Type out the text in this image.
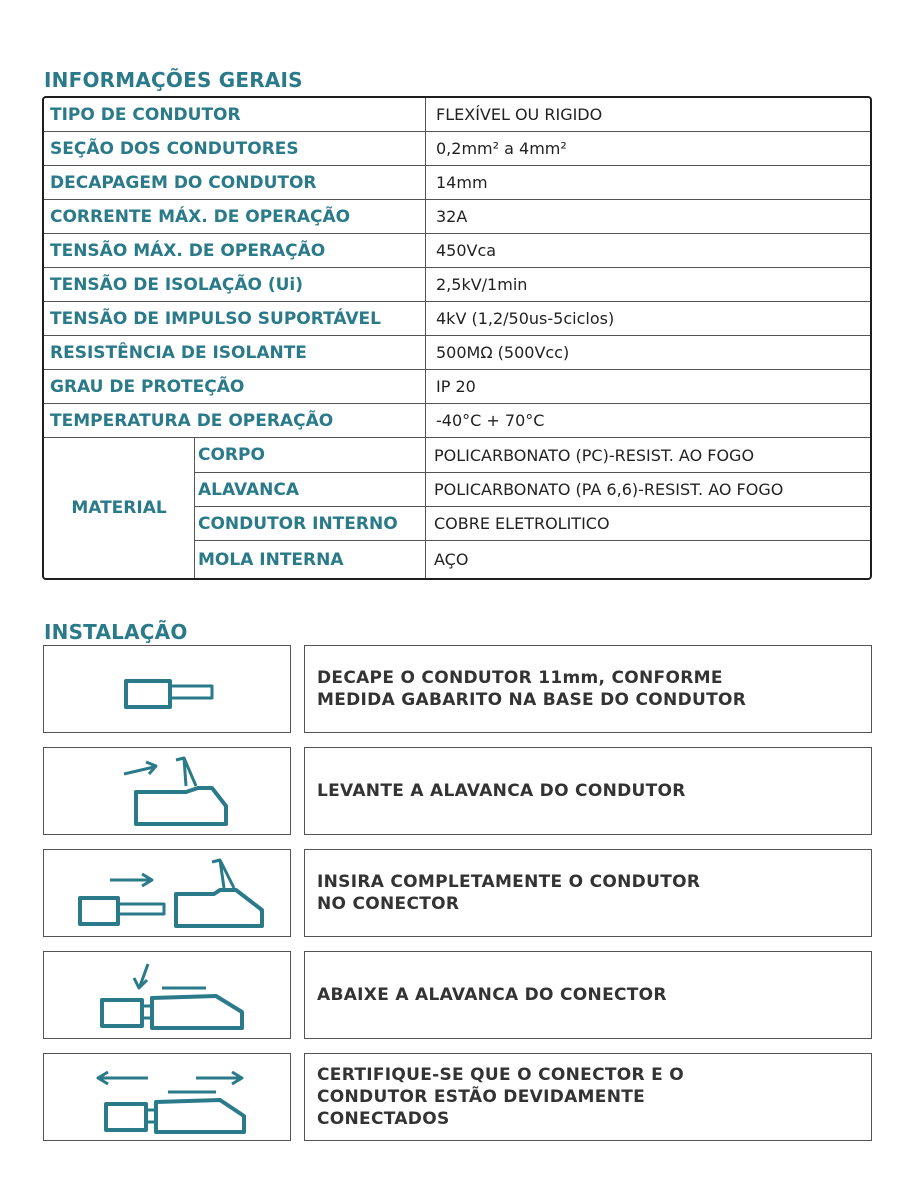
INFORMAÇÕES GERAIS
TIPO DE CONDUTOR	FLEXÍVEL OU RIGIDO
SEÇÃO DOS CONDUTORES	0,2mm² a 4mm²
DECAPAGEM DO CONDUTOR	14mm
CORRENTE MÁX. DE OPERAÇÃO	32A
TENSÃO MÁX. DE OPERAÇÃO	450Vca
TENSÃO DE ISOLAÇÃO (Ui)	2,5kV/1min
TENSÃO DE IMPULSO SUPORTÁVEL	4kV (1,2/50us-5ciclos)
RESISTÊNCIA DE ISOLANTE	500MΩ (500Vcc)
GRAU DE PROTEÇÃO	IP 20
TEMPERATURA DE OPERAÇÃO	-40°C + 70°C
MATERIAL
CORPO	POLICARBONATO (PC)-RESIST. AO FOGO
ALAVANCA	POLICARBONATO (PA 6,6)-RESIST. AO FOGO
CONDUTOR INTERNO	COBRE ELETROLITICO
MOLA INTERNA	AÇO
INSTALAÇÃO
DECAPE O CONDUTOR 11mm, CONFORME
MEDIDA GABARITO NA BASE DO CONDUTOR
LEVANTE A ALAVANCA DO CONDUTOR
INSIRA COMPLETAMENTE O CONDUTOR
NO CONECTOR
ABAIXE A ALAVANCA DO CONECTOR
CERTIFIQUE-SE QUE O CONECTOR E O
CONDUTOR ESTÃO DEVIDAMENTE
CONECTADOS
